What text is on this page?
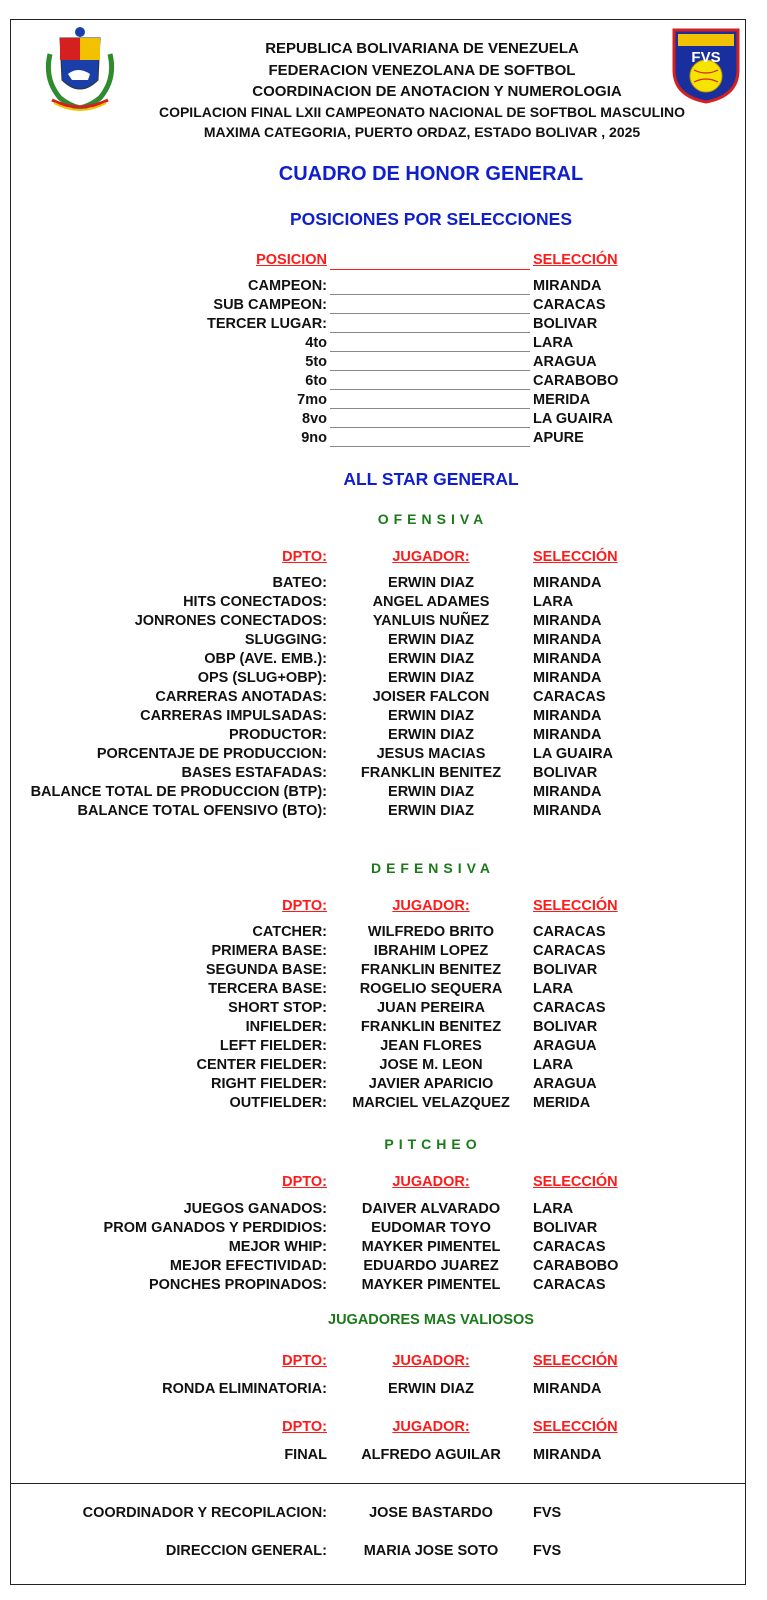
FVS
REPUBLICA BOLIVARIANA DE VENEZUELA
FEDERACION VENEZOLANA DE SOFTBOL
COORDINACION DE ANOTACION Y NUMEROLOGIA
COPILACION FINAL LXII CAMPEONATO NACIONAL DE SOFTBOL MASCULINO
MAXIMA CATEGORIA, PUERTO ORDAZ, ESTADO BOLIVAR , 2025
CUADRO DE HONOR GENERAL
POSICIONES POR SELECCIONES
POSICION	SELECCIÓN
CAMPEON:	MIRANDA
SUB CAMPEON:	CARACAS
TERCER LUGAR:	BOLIVAR
4to	LARA
5to	ARAGUA
6to	CARABOBO
7mo	MERIDA
8vo	LA GUAIRA
9no	APURE
ALL STAR GENERAL
OFENSIVA
DPTO:	JUGADOR:	SELECCIÓN
BATEO:	ERWIN DIAZ	MIRANDA
HITS CONECTADOS:	ANGEL ADAMES	LARA
JONRONES CONECTADOS:	YANLUIS NUÑEZ	MIRANDA
SLUGGING:	ERWIN DIAZ	MIRANDA
OBP (AVE. EMB.):	ERWIN DIAZ	MIRANDA
OPS (SLUG+OBP):	ERWIN DIAZ	MIRANDA
CARRERAS ANOTADAS:	JOISER FALCON	CARACAS
CARRERAS IMPULSADAS:	ERWIN DIAZ	MIRANDA
PRODUCTOR:	ERWIN DIAZ	MIRANDA
PORCENTAJE DE PRODUCCION:	JESUS MACIAS	LA GUAIRA
BASES ESTAFADAS:	FRANKLIN BENITEZ	BOLIVAR
BALANCE TOTAL DE PRODUCCION (BTP):	ERWIN DIAZ	MIRANDA
BALANCE TOTAL OFENSIVO (BTO):	ERWIN DIAZ	MIRANDA
DEFENSIVA
DPTO:	JUGADOR:	SELECCIÓN
CATCHER:	WILFREDO BRITO	CARACAS
PRIMERA BASE:	IBRAHIM LOPEZ	CARACAS
SEGUNDA BASE:	FRANKLIN BENITEZ	BOLIVAR
TERCERA BASE:	ROGELIO SEQUERA	LARA
SHORT STOP:	JUAN PEREIRA	CARACAS
INFIELDER:	FRANKLIN BENITEZ	BOLIVAR
LEFT FIELDER:	JEAN FLORES	ARAGUA
CENTER FIELDER:	JOSE M. LEON	LARA
RIGHT FIELDER:	JAVIER APARICIO	ARAGUA
OUTFIELDER:	MARCIEL VELAZQUEZ	MERIDA
PITCHEO
DPTO:	JUGADOR:	SELECCIÓN
JUEGOS GANADOS:	DAIVER ALVARADO	LARA
PROM GANADOS Y PERDIDIOS:	EUDOMAR TOYO	BOLIVAR
MEJOR WHIP:	MAYKER PIMENTEL	CARACAS
MEJOR EFECTIVIDAD:	EDUARDO JUAREZ	CARABOBO
PONCHES PROPINADOS:	MAYKER PIMENTEL	CARACAS
JUGADORES MAS VALIOSOS
DPTO:	JUGADOR:	SELECCIÓN
RONDA ELIMINATORIA:	ERWIN DIAZ	MIRANDA
DPTO:	JUGADOR:	SELECCIÓN
FINAL	ALFREDO AGUILAR	MIRANDA
COORDINADOR Y RECOPILACION:	JOSE BASTARDO	FVS
DIRECCION GENERAL:	MARIA JOSE SOTO	FVS
